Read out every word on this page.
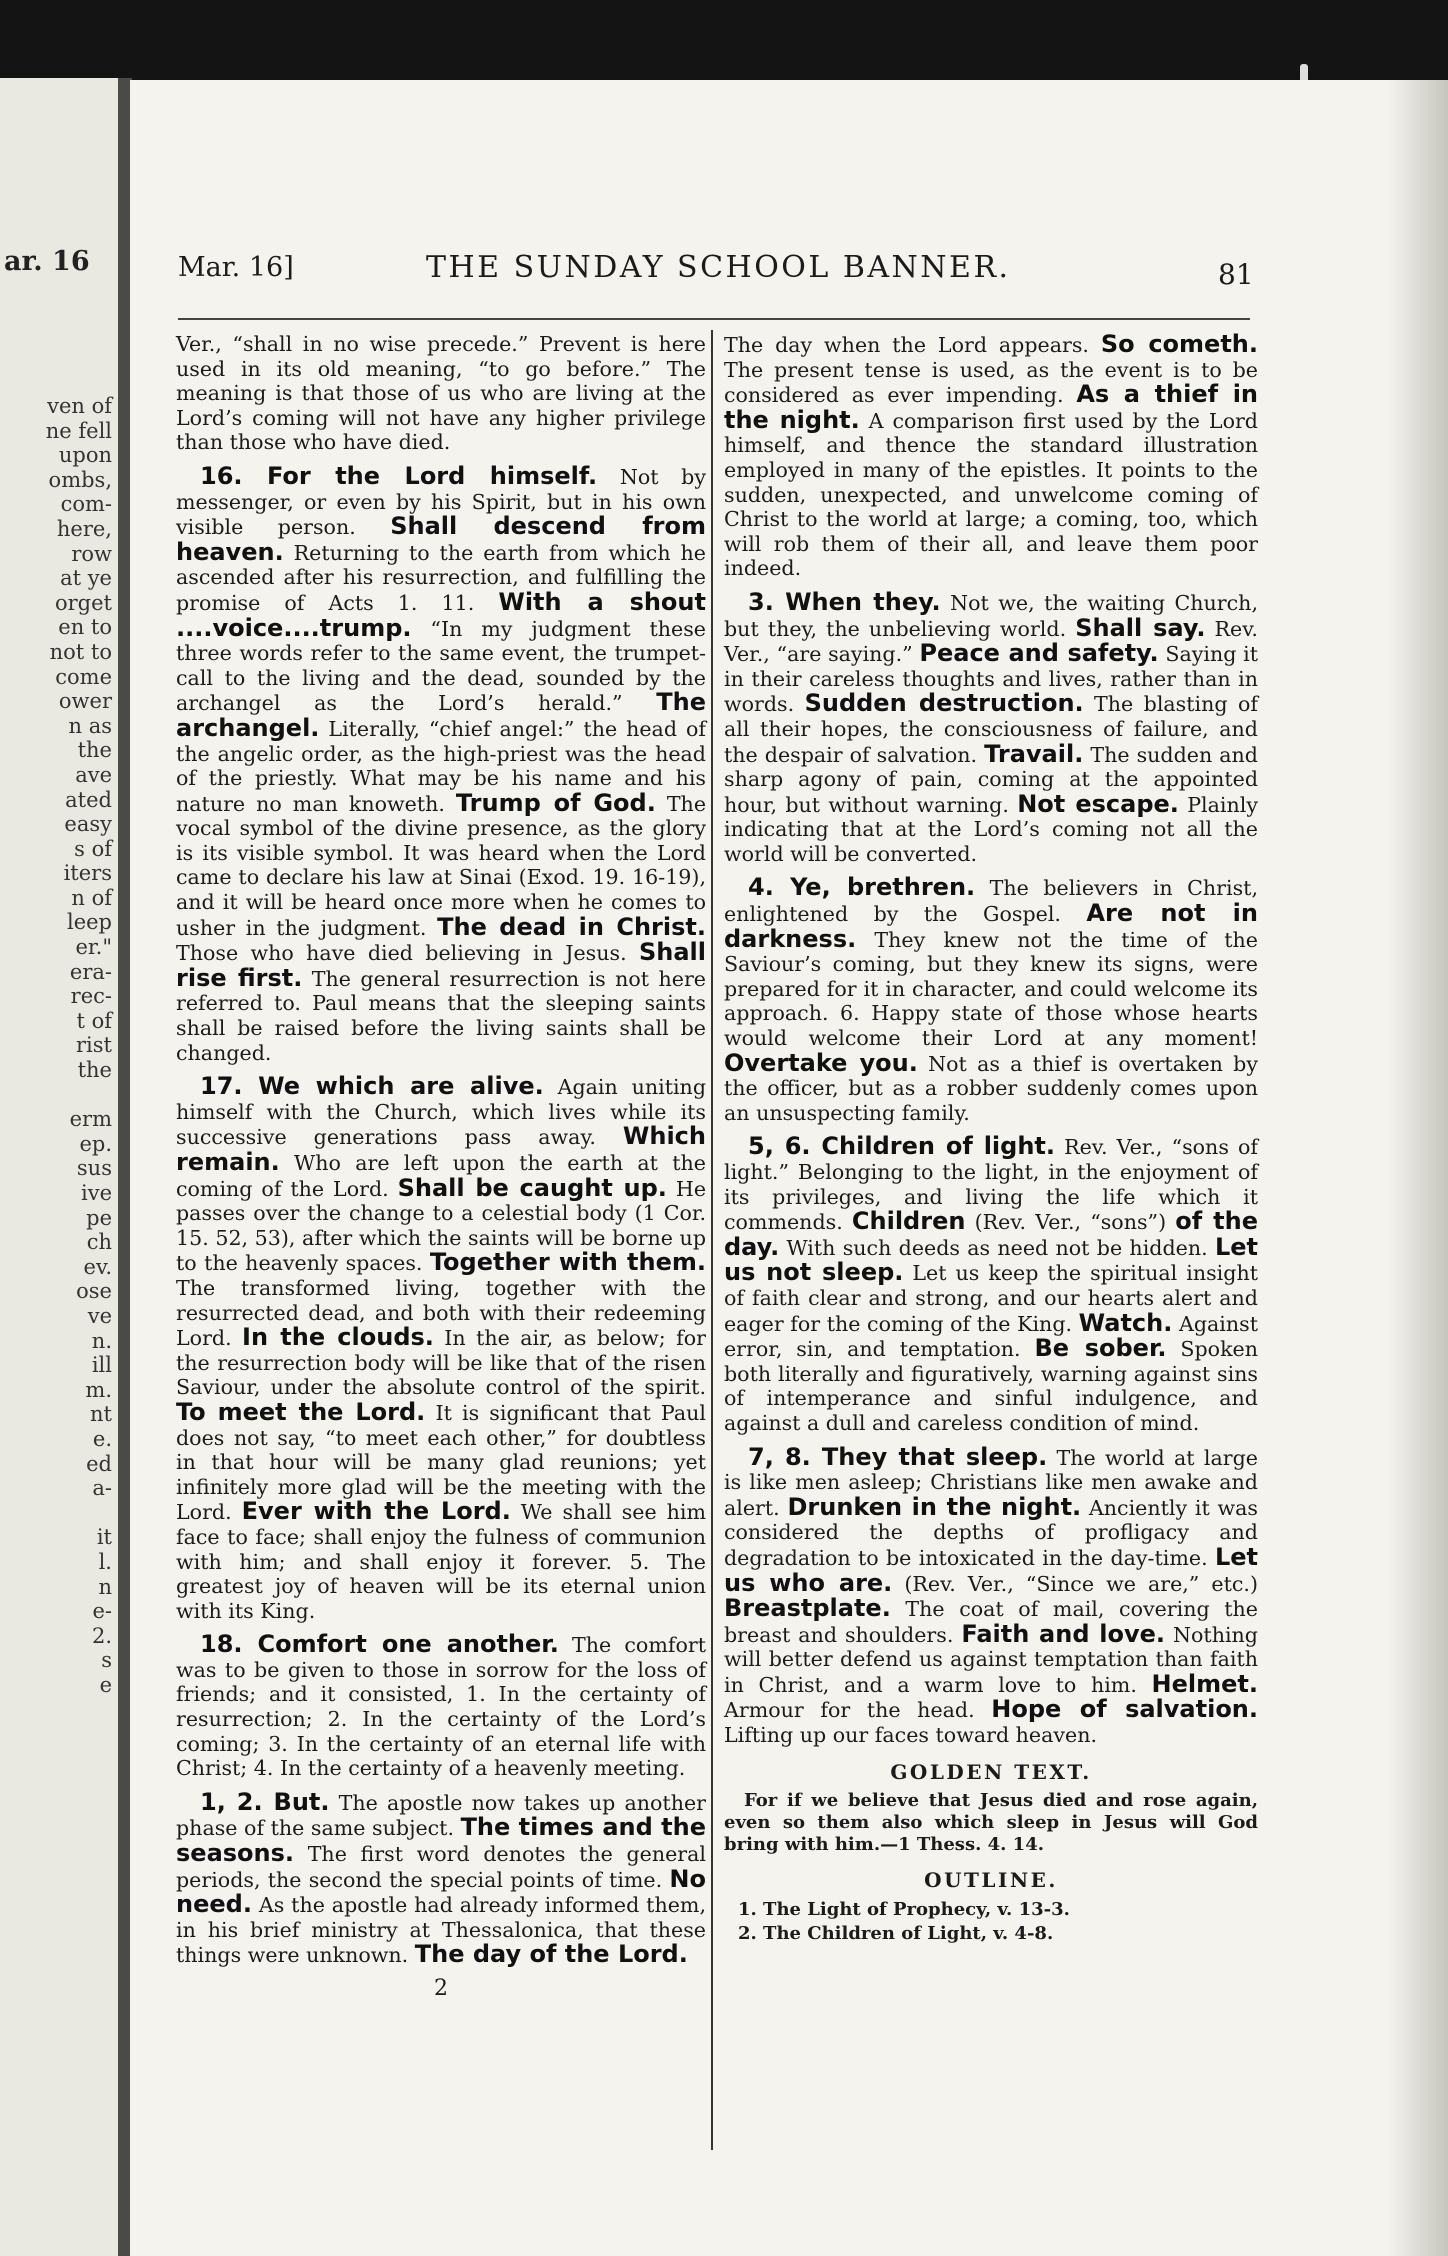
ar. 16
ven of
ne fell
upon
ombs,
com-
here,
row
at ye
orget
en to
not to
come
ower
n as
the
ave
ated
easy
s of
iters
n of
leep
er."
era-
rec-
t of
rist
the

erm
ep.
sus
ive
pe
ch
ev.
ose
ve
n.
ill
m.
nt
e.
ed
a-

it
l.
n
e-
2.
s
e
Mar. 16]	THE SUNDAY SCHOOL BANNER.	81

Ver., “shall in no wise precede.” Prevent is here used in its old meaning, “to go before.” The meaning is that those of us who are living at the Lord’s coming will not have any higher privilege than those who have died.

16. For the Lord himself. Not by messenger, or even by his Spirit, but in his own visible person. Shall descend from heaven. Returning to the earth from which he ascended after his resurrection, and fulfilling the promise of Acts 1. 11. With a shout ....voice....trump. “In my judgment these three words refer to the same event, the trumpet-call to the living and the dead, sounded by the archangel as the Lord’s herald.” The archangel. Literally, “chief angel:” the head of the angelic order, as the high-priest was the head of the priestly. What may be his name and his nature no man knoweth. Trump of God. The vocal symbol of the divine presence, as the glory is its visible symbol. It was heard when the Lord came to declare his law at Sinai (Exod. 19. 16-19), and it will be heard once more when he comes to usher in the judgment. The dead in Christ. Those who have died believing in Jesus. Shall rise first. The general resurrection is not here referred to. Paul means that the sleeping saints shall be raised before the living saints shall be changed.

17. We which are alive. Again uniting himself with the Church, which lives while its successive generations pass away. Which remain. Who are left upon the earth at the coming of the Lord. Shall be caught up. He passes over the change to a celestial body (1 Cor. 15. 52, 53), after which the saints will be borne up to the heavenly spaces. Together with them. The transformed living, together with the resurrected dead, and both with their redeeming Lord. In the clouds. In the air, as below; for the resurrection body will be like that of the risen Saviour, under the absolute control of the spirit. To meet the Lord. It is significant that Paul does not say, “to meet each other,” for doubtless in that hour will be many glad reunions; yet infinitely more glad will be the meeting with the Lord. Ever with the Lord. We shall see him face to face; shall enjoy the fulness of communion with him; and shall enjoy it forever. 5. The greatest joy of heaven will be its eternal union with its King.

18. Comfort one another. The comfort was to be given to those in sorrow for the loss of friends; and it consisted, 1. In the certainty of resurrection; 2. In the certainty of the Lord’s coming; 3. In the certainty of an eternal life with Christ; 4. In the certainty of a heavenly meeting.

1, 2. But. The apostle now takes up another phase of the same subject. The times and the seasons. The first word denotes the general periods, the second the special points of time. No need. As the apostle had already informed them, in his brief ministry at Thessalonica, that these things were unknown. The day of the Lord.

2

The day when the Lord appears. So cometh. The present tense is used, as the event is to be considered as ever impending. As a thief in the night. A comparison first used by the Lord himself, and thence the standard illustration employed in many of the epistles. It points to the sudden, unexpected, and unwelcome coming of Christ to the world at large; a coming, too, which will rob them of their all, and leave them poor indeed.

3. When they. Not we, the waiting Church, but they, the unbelieving world. Shall say. Rev. Ver., “are saying.” Peace and safety. Saying it in their careless thoughts and lives, rather than in words. Sudden destruction. The blasting of all their hopes, the consciousness of failure, and the despair of salvation. Travail. The sudden and sharp agony of pain, coming at the appointed hour, but without warning. Not escape. Plainly indicating that at the Lord’s coming not all the world will be converted.

4. Ye, brethren. The believers in Christ, enlightened by the Gospel. Are not in darkness. They knew not the time of the Saviour’s coming, but they knew its signs, were prepared for it in character, and could welcome its approach. 6. Happy state of those whose hearts would welcome their Lord at any moment! Overtake you. Not as a thief is overtaken by the officer, but as a robber suddenly comes upon an unsuspecting family.

5, 6. Children of light. Rev. Ver., “sons of light.” Belonging to the light, in the enjoyment of its privileges, and living the life which it commends. Children (Rev. Ver., “sons”) of the day. With such deeds as need not be hidden. Let us not sleep. Let us keep the spiritual insight of faith clear and strong, and our hearts alert and eager for the coming of the King. Watch. Against error, sin, and temptation. Be sober. Spoken both literally and figuratively, warning against sins of intemperance and sinful indulgence, and against a dull and careless condition of mind.

7, 8. They that sleep. The world at large is like men asleep; Christians like men awake and alert. Drunken in the night. Anciently it was considered the depths of profligacy and degradation to be intoxicated in the day-time. Let us who are. (Rev. Ver., “Since we are,” etc.) Breastplate. The coat of mail, covering the breast and shoulders. Faith and love. Nothing will better defend us against temptation than faith in Christ, and a warm love to him. Helmet. Armour for the head. Hope of salvation. Lifting up our faces toward heaven.

GOLDEN TEXT.

For if we believe that Jesus died and rose again, even so them also which sleep in Jesus will God bring with him.—1 Thess. 4. 14.

OUTLINE.
1. The Light of Prophecy, v. 13-3.
2. The Children of Light, v. 4-8.
